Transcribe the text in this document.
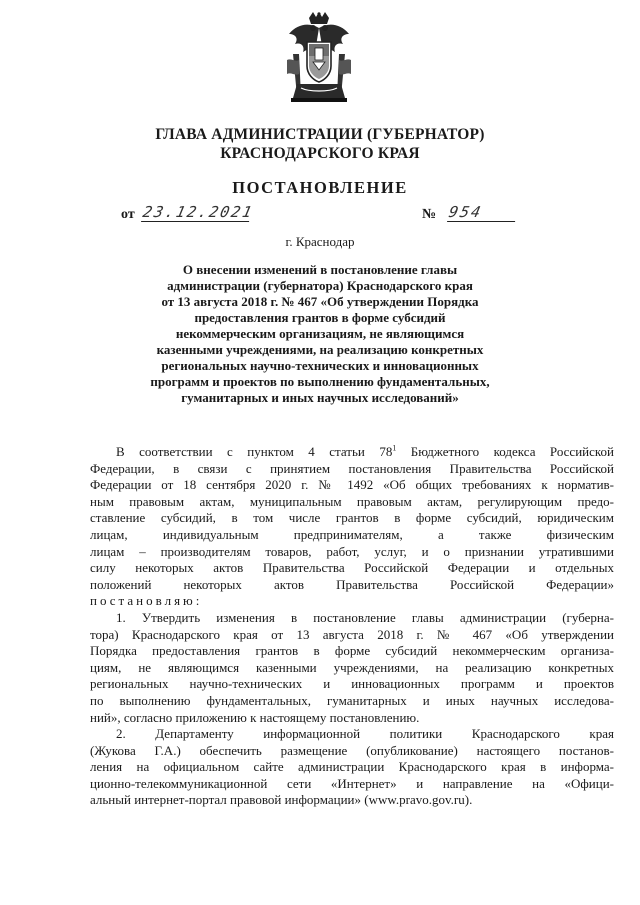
ГЛАВА АДМИНИСТРАЦИИ (ГУБЕРНАТОР)
КРАСНОДАРСКОГО КРАЯ
ПОСТАНОВЛЕНИЕ
от 23.12.2021	№ 954
г. Краснодар
О внесении изменений в постановление главы
администрации (губернатора) Краснодарского края
от 13 августа 2018 г. № 467 «Об утверждении Порядка
предоставления грантов в форме субсидий
некоммерческим организациям, не являющимся
казенными учреждениями, на реализацию конкретных
региональных научно-технических и инновационных
программ и проектов по выполнению фундаментальных,
гуманитарных и иных научных исследований»
В соответствии с пунктом 4 статьи $78^1$ Бюджетного кодекса Российской
Федерации, в связи с принятием постановления Правительства Российской
Федерации от 18 сентября 2020 г. № 1492 «Об общих требованиях к норматив-
ным правовым актам, муниципальным правовым актам, регулирующим предо-
ставление субсидий, в том числе грантов в форме субсидий, юридическим
лицам, индивидуальным предпринимателям, а также физическим
лицам – производителям товаров, работ, услуг, и о признании утратившими
силу некоторых актов Правительства Российской Федерации и отдельных
положений некоторых актов Правительства Российской Федерации»
постановляю:
1. Утвердить изменения в постановление главы администрации (губерна-
тора) Краснодарского края от 13 августа 2018 г. № 467 «Об утверждении
Порядка предоставления грантов в форме субсидий некоммерческим организа-
циям, не являющимся казенными учреждениями, на реализацию конкретных
региональных научно-технических и инновационных программ и проектов
по выполнению фундаментальных, гуманитарных и иных научных исследова-
ний», согласно приложению к настоящему постановлению.
2. Департаменту информационной политики Краснодарского края
(Жукова Г.А.) обеспечить размещение (опубликование) настоящего постанов-
ления на официальном сайте администрации Краснодарского края в информа-
ционно-телекоммуникационной сети «Интернет» и направление на «Офици-
альный интернет-портал правовой информации» (www.pravo.gov.ru).
